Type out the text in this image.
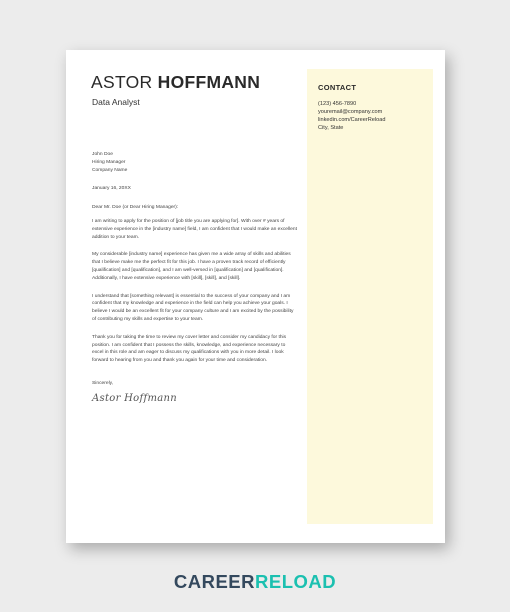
ASTOR HOFFMANN
Data Analyst
CONTACT
(123) 456-7890
youremail@company.com
linkedin.com/CareerReload
City, State
John Doe
Hiring Manager
Company Name
January 16, 20XX
Dear Mr. Doe (or Dear Hiring Manager):

I am writing to apply for the position of [job title you are applying for]. With over # years of extensive experience in the [industry name] field, I am confident that I would make an excellent addition to your team.

My considerable [industry name] experience has given me a wide array of skills and abilities that I believe make me the perfect fit for this job. I have a proven track record of efficiently [qualification] and [qualification], and I am well-versed in [qualification] and [qualification]. Additionally, I have extensive experience with [skill], [skill], and [skill].

I understand that [something relevant] is essential to the success of your company and I am confident that my knowledge and experience in the field can help you achieve your goals. I believe I would be an excellent fit for your company culture and I am excited by the possibility of contributing my skills and expertise to your team.

Thank you for taking the time to review my cover letter and consider my candidacy for this position. I am confident that I possess the skills, knowledge, and experience necessary to excel in this role and am eager to discuss my qualifications with you in more detail. I look forward to hearing from you and thank you again for your time and consideration.

Sincerely,
Astor Hoffmann
CAREERRELOAD
